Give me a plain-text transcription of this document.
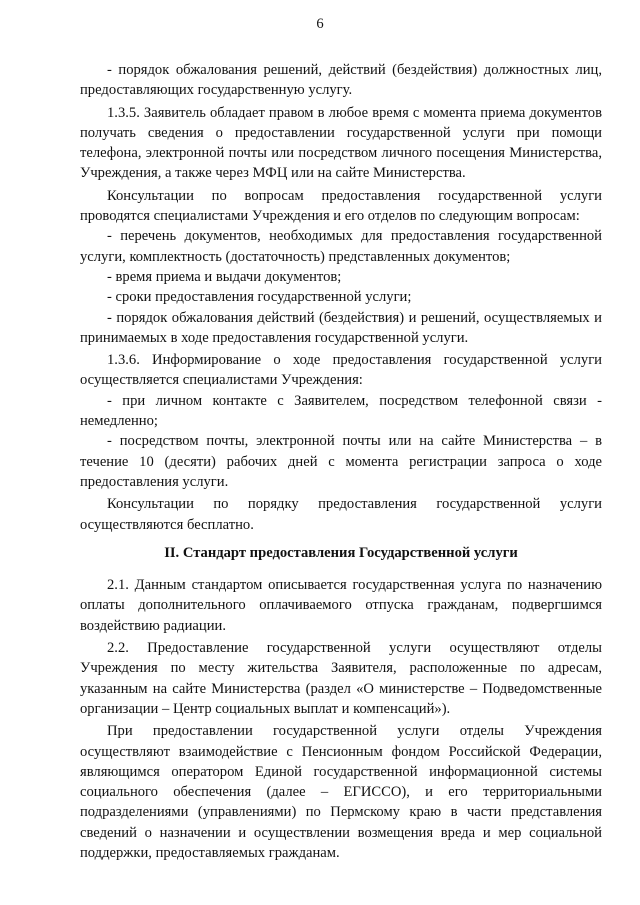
6

- порядок обжалования решений, действий (бездействия) должностных лиц, предоставляющих государственную услугу.

1.3.5. Заявитель обладает правом в любое время с момента приема документов получать сведения о предоставлении государственной услуги при помощи телефона, электронной почты или посредством личного посещения Министерства, Учреждения, а также через МФЦ или на сайте Министерства.

Консультации по вопросам предоставления государственной услуги проводятся специалистами Учреждения и его отделов по следующим вопросам:

- перечень документов, необходимых для предоставления государственной услуги, комплектность (достаточность) представленных документов;

- время приема и выдачи документов;

- сроки предоставления государственной услуги;

- порядок обжалования действий (бездействия) и решений, осуществляемых и принимаемых в ходе предоставления государственной услуги.

1.3.6. Информирование о ходе предоставления государственной услуги осуществляется специалистами Учреждения:

- при личном контакте с Заявителем, посредством телефонной связи - немедленно;

- посредством почты, электронной почты или на сайте Министерства – в течение 10 (десяти) рабочих дней с момента регистрации запроса о ходе предоставления услуги.

Консультации по порядку предоставления государственной услуги осуществляются бесплатно.

II. Стандарт предоставления Государственной услуги

2.1. Данным стандартом описывается государственная услуга по назначению оплаты дополнительного оплачиваемого отпуска гражданам, подвергшимся воздействию радиации.

2.2. Предоставление государственной услуги осуществляют отделы Учреждения по месту жительства Заявителя, расположенные по адресам, указанным на сайте Министерства (раздел «О министерстве – Подведомственные организации – Центр социальных выплат и компенсаций»).

При предоставлении государственной услуги отделы Учреждения осуществляют взаимодействие с Пенсионным фондом Российской Федерации, являющимся оператором Единой государственной информационной системы социального обеспечения (далее – ЕГИССО), и его территориальными подразделениями (управлениями) по Пермскому краю в части представления сведений о назначении и осуществлении возмещения вреда и мер социальной поддержки, предоставляемых гражданам.
